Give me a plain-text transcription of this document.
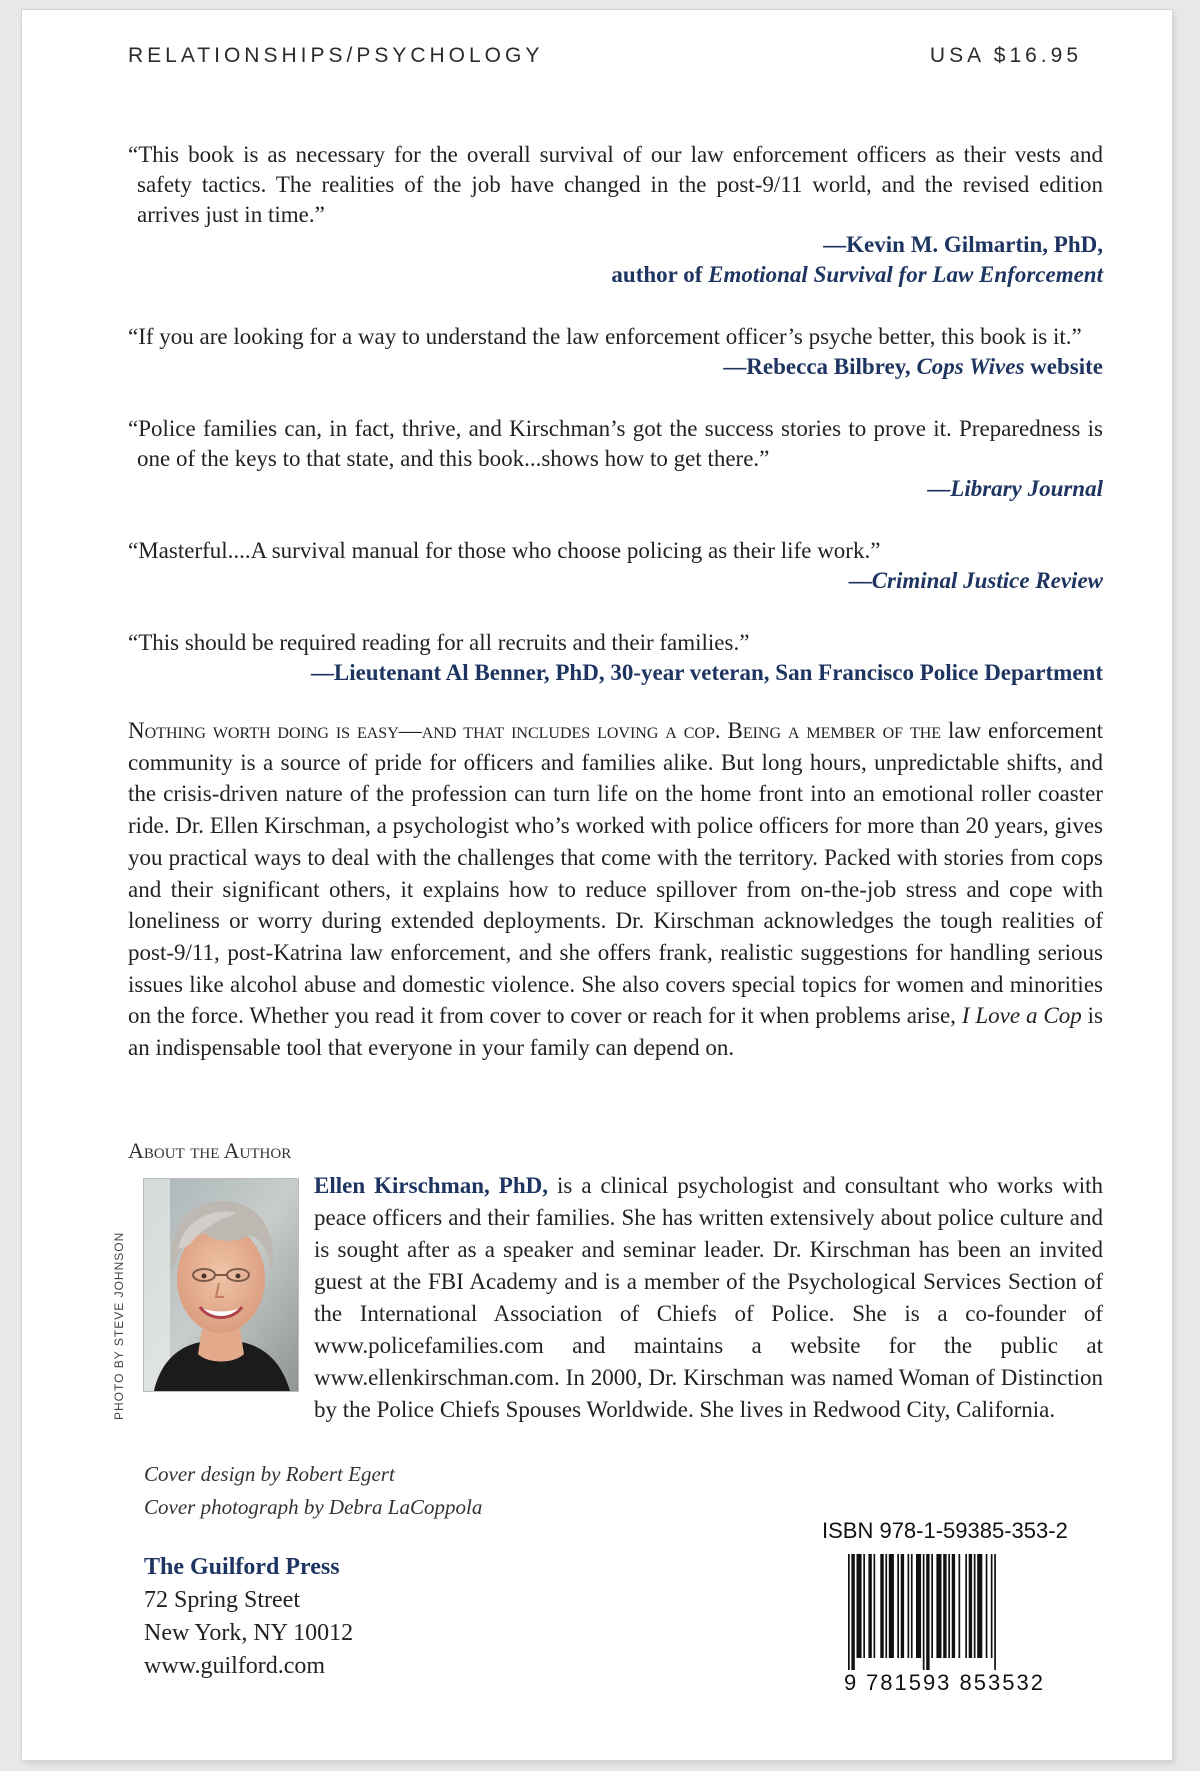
RELATIONSHIPS/PSYCHOLOGY	USA $16.95
“This book is as necessary for the overall survival of our law enforcement officers as their vests and safety tactics. The realities of the job have changed in the post-9/11 world, and the revised edition arrives just in time.”
—Kevin M. Gilmartin, PhD,
author of Emotional Survival for Law Enforcement
“If you are looking for a way to understand the law enforcement officer’s psyche better, this book is it.”
—Rebecca Bilbrey, Cops Wives website
“Police families can, in fact, thrive, and Kirschman’s got the success stories to prove it. Preparedness is one of the keys to that state, and this book...shows how to get there.”
—Library Journal
“Masterful....A survival manual for those who choose policing as their life work.”
—Criminal Justice Review
“This should be required reading for all recruits and their families.”
—Lieutenant Al Benner, PhD, 30-year veteran, San Francisco Police Department
Nothing worth doing is easy—and that includes loving a cop. Being a member of the law enforcement community is a source of pride for officers and families alike. But long hours, unpredictable shifts, and the crisis-driven nature of the profession can turn life on the home front into an emotional roller coaster ride. Dr. Ellen Kirschman, a psychologist who’s worked with police officers for more than 20 years, gives you practical ways to deal with the challenges that come with the territory. Packed with stories from cops and their significant others, it explains how to reduce spillover from on-the-job stress and cope with loneliness or worry during extended deployments. Dr. Kirschman acknowledges the tough realities of post-9/11, post-Katrina law enforcement, and she offers frank, realistic suggestions for handling serious issues like alcohol abuse and domestic violence. She also covers special topics for women and minorities on the force. Whether you read it from cover to cover or reach for it when problems arise, I Love a Cop is an indispensable tool that everyone in your family can depend on.
About the Author
PHOTO BY STEVE JOHNSON
Ellen Kirschman, PhD, is a clinical psychologist and consultant who works with peace officers and their families. She has written extensively about police culture and is sought after as a speaker and seminar leader. Dr. Kirschman has been an invited guest at the FBI Academy and is a member of the Psychological Services Section of the International Association of Chiefs of Police. She is a co-founder of www.policefamilies.com and maintains a website for the public at www.ellenkirschman.com. In 2000, Dr. Kirschman was named Woman of Distinction by the Police Chiefs Spouses Worldwide. She lives in Redwood City, California.
Cover design by Robert Egert
Cover photograph by Debra LaCoppola
The Guilford Press
72 Spring Street
New York, NY 10012
www.guilford.com
ISBN 978-1-59385-353-2
9 781593 853532
